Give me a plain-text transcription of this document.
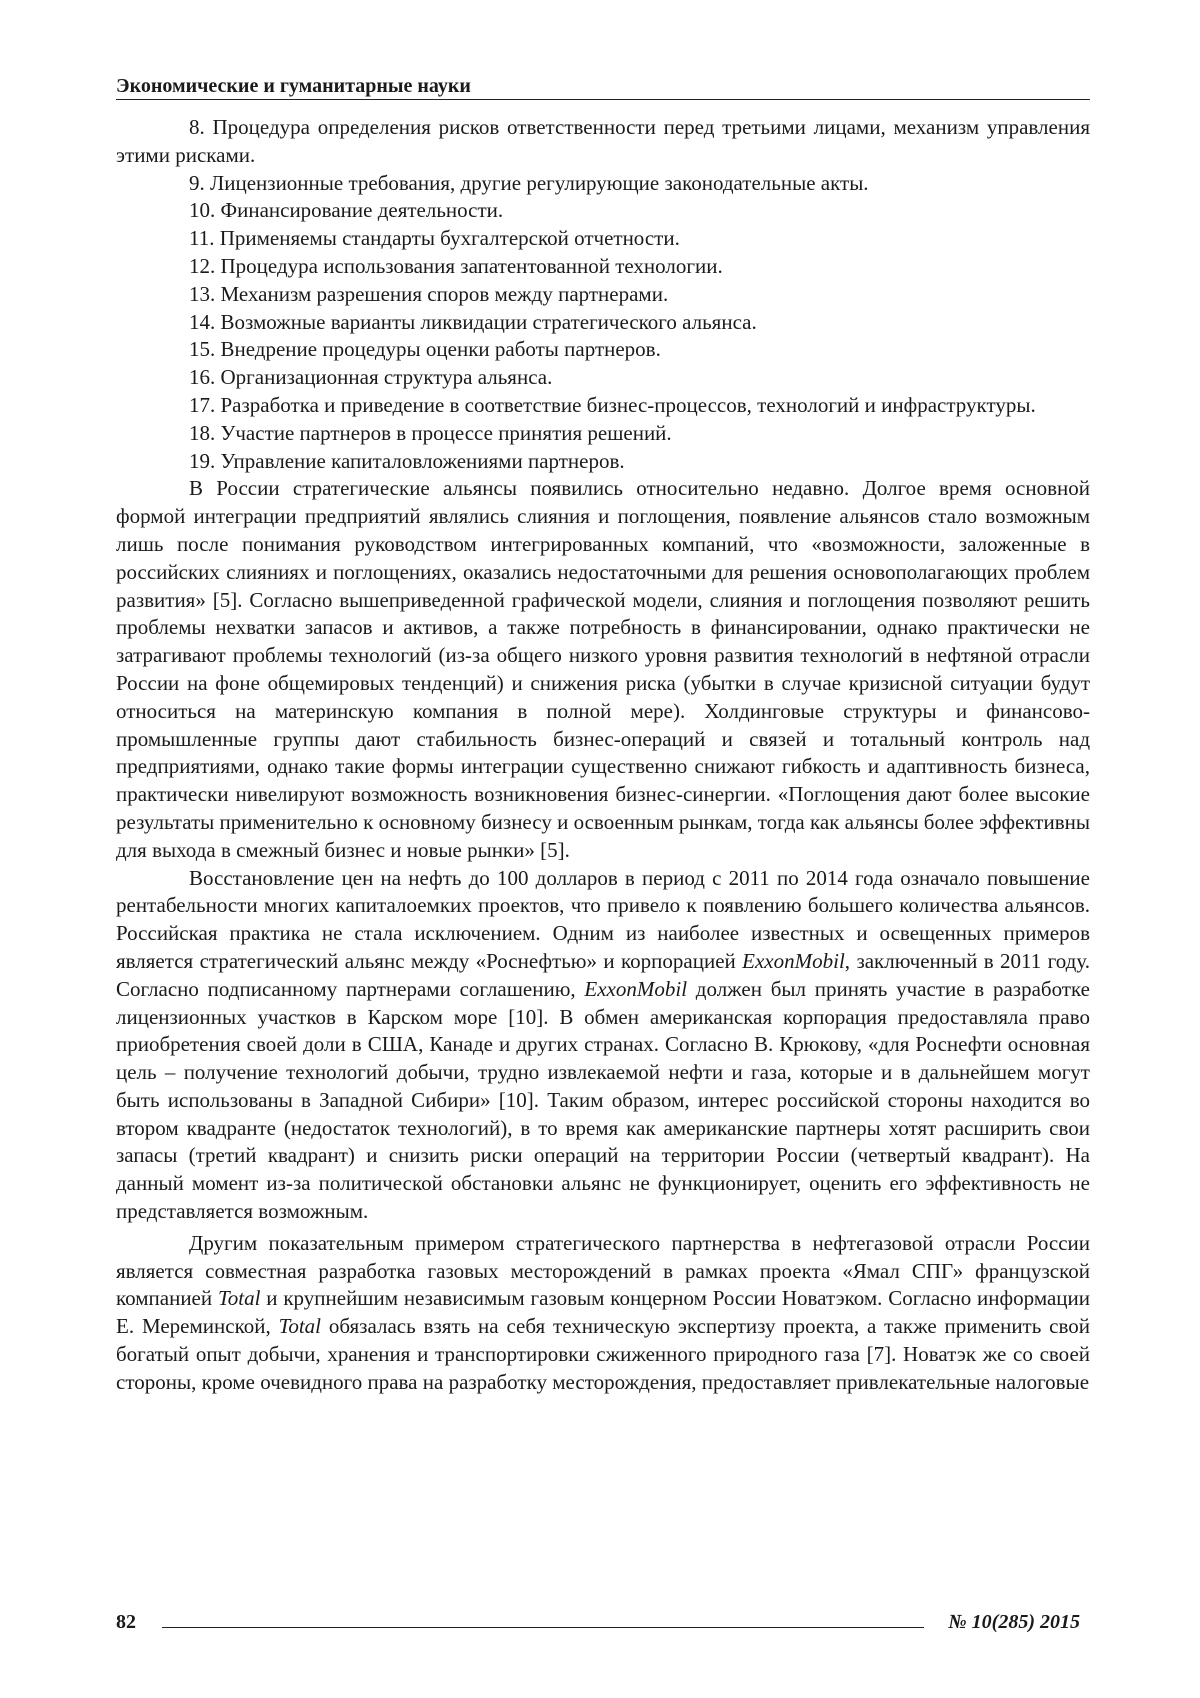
Экономические и гуманитарные науки

8. Процедура определения рисков ответственности перед третьими лицами, механизм управления этими рисками.

9. Лицензионные требования, другие регулирующие законодательные акты.

10. Финансирование деятельности.

11. Применяемы стандарты бухгалтерской отчетности.

12. Процедура использования запатентованной технологии.

13. Механизм разрешения споров между партнерами.

14. Возможные варианты ликвидации стратегического альянса.

15. Внедрение процедуры оценки работы партнеров.

16. Организационная структура альянса.

17. Разработка и приведение в соответствие бизнес-процессов, технологий и инфраструктуры.

18. Участие партнеров в процессе принятия решений.

19. Управление капиталовложениями партнеров.

В России стратегические альянсы появились относительно недавно. Долгое время основной формой интеграции предприятий являлись слияния и поглощения, появление альянсов стало возможным лишь после понимания руководством интегрированных компаний, что «возможности, заложенные в российских слияниях и поглощениях, оказались недостаточными для решения основополагающих проблем развития» [5]. Согласно вышеприведенной графической модели, слияния и поглощения позволяют решить проблемы нехватки запасов и активов, а также потребность в финансировании, однако практически не затрагивают проблемы технологий (из-за общего низкого уровня развития технологий в нефтяной отрасли России на фоне общемировых тенденций) и снижения риска (убытки в случае кризисной ситуации будут относиться на материнскую компания в полной мере). Холдинговые структуры и финансово-промышленные группы дают стабильность бизнес-операций и связей и тотальный контроль над предприятиями, однако такие формы интеграции существенно снижают гибкость и адаптивность бизнеса, практически нивелируют возможность возникновения бизнес-синергии. «Поглощения дают более высокие результаты применительно к основному бизнесу и освоенным рынкам, тогда как альянсы более эффективны для выхода в смежный бизнес и новые рынки» [5].

Восстановление цен на нефть до 100 долларов в период с 2011 по 2014 года означало повышение рентабельности многих капиталоемких проектов, что привело к появлению большего количества альянсов. Российская практика не стала исключением. Одним из наиболее известных и освещенных примеров является стратегический альянс между «Роснефтью» и корпорацией ExxonMobil, заключенный в 2011 году. Согласно подписанному партнерами соглашению, ExxonMobil должен был принять участие в разработке лицензионных участков в Карском море [10]. В обмен американская корпорация предоставляла право приобретения своей доли в США, Канаде и других странах. Согласно В. Крюкову, «для Роснефти основная цель – получение технологий добычи, трудно извлекаемой нефти и газа, которые и в дальнейшем могут быть использованы в Западной Сибири» [10]. Таким образом, интерес российской стороны находится во втором квадранте (недостаток технологий), в то время как американские партнеры хотят расширить свои запасы (третий квадрант) и снизить риски операций на территории России (четвертый квадрант). На данный момент из-за политической обстановки альянс не функционирует, оценить его эффективность не представляется возможным.

Другим показательным примером стратегического партнерства в нефтегазовой отрасли России является совместная разработка газовых месторождений в рамках проекта «Ямал СПГ» французской компанией Total и крупнейшим независимым газовым концерном России Новатэком. Согласно информации Е. Мереминской, Total обязалась взять на себя техническую экспертизу проекта, а также применить свой богатый опыт добычи, хранения и транспортировки сжиженного природного газа [7]. Новатэк же со своей стороны, кроме очевидного права на разработку месторождения, предоставляет привлекательные налоговые

82	№ 10(285) 2015
